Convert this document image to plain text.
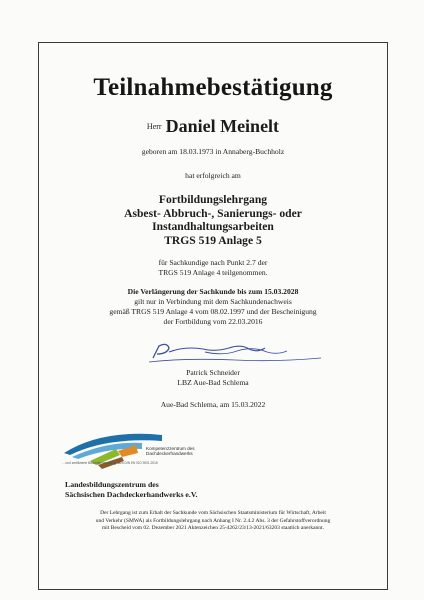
Teilnahmebestätigung
Herr Daniel Meinelt
geboren am 18.03.1973 in Annaberg-Buchholz
hat erfolgreich am
Fortbildungslehrgang
Asbest- Abbruch-, Sanierungs- oder
Instandhaltungsarbeiten
TRGS 519 Anlage 5
für Sachkundige nach Punkt 2.7 der
TRGS 519 Anlage 4 teilgenommen.
Die Verlängerung der Sachkunde bis zum 15.03.2028
gilt nur in Verbindung mit dem Sachkundenachweis
gemäß TRGS 519 Anlage 4 vom 08.02.1997 und der Bescheinigung
der Fortbildung vom 22.03.2016
Patrick Schneider
LBZ Aue-Bad Schlema
Aue-Bad Schlema, am 15.03.2022
Kompetenzzentrum des
Dachdeckerhandwerks
... und zertifizierte Bildungseinrichtung nach DIN EN ISO 9001:2015
Landesbildungszentrum des
Sächsischen Dachdeckerhandwerks e.V.
Der Lehrgang ist zum Erhalt der Sachkunde vom Sächsischen Staatsministerium für Wirtschaft, Arbeit
und Verkehr (SMWA) als Fortbildungslehrgang nach Anhang I Nr. 2.4.2 Abs. 3 der Gefahrstoffverordnung
mit Bescheid vom 02. Dezember 2021 Aktenzeichen 25-4262/23/13-2021/63203 staatlich anerkannt.
